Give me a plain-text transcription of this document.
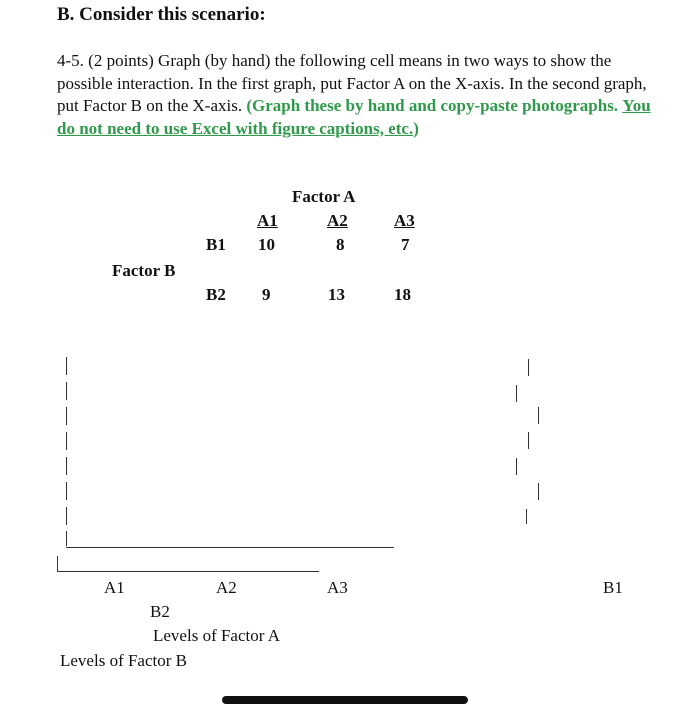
B. Consider this scenario:
4-5. (2 points) Graph (by hand) the following cell means in two ways to show the possible interaction. In the first graph, put Factor A on the X-axis. In the second graph, put Factor B on the X-axis. (Graph these by hand and copy-paste photographs. You do not need to use Excel with figure captions, etc.)
Factor A
A1	A2	A3
B1 10	8	7
Factor B
B2 9	13	18
A1	A2	A3	B1
B2
Levels of Factor A
Levels of Factor B
